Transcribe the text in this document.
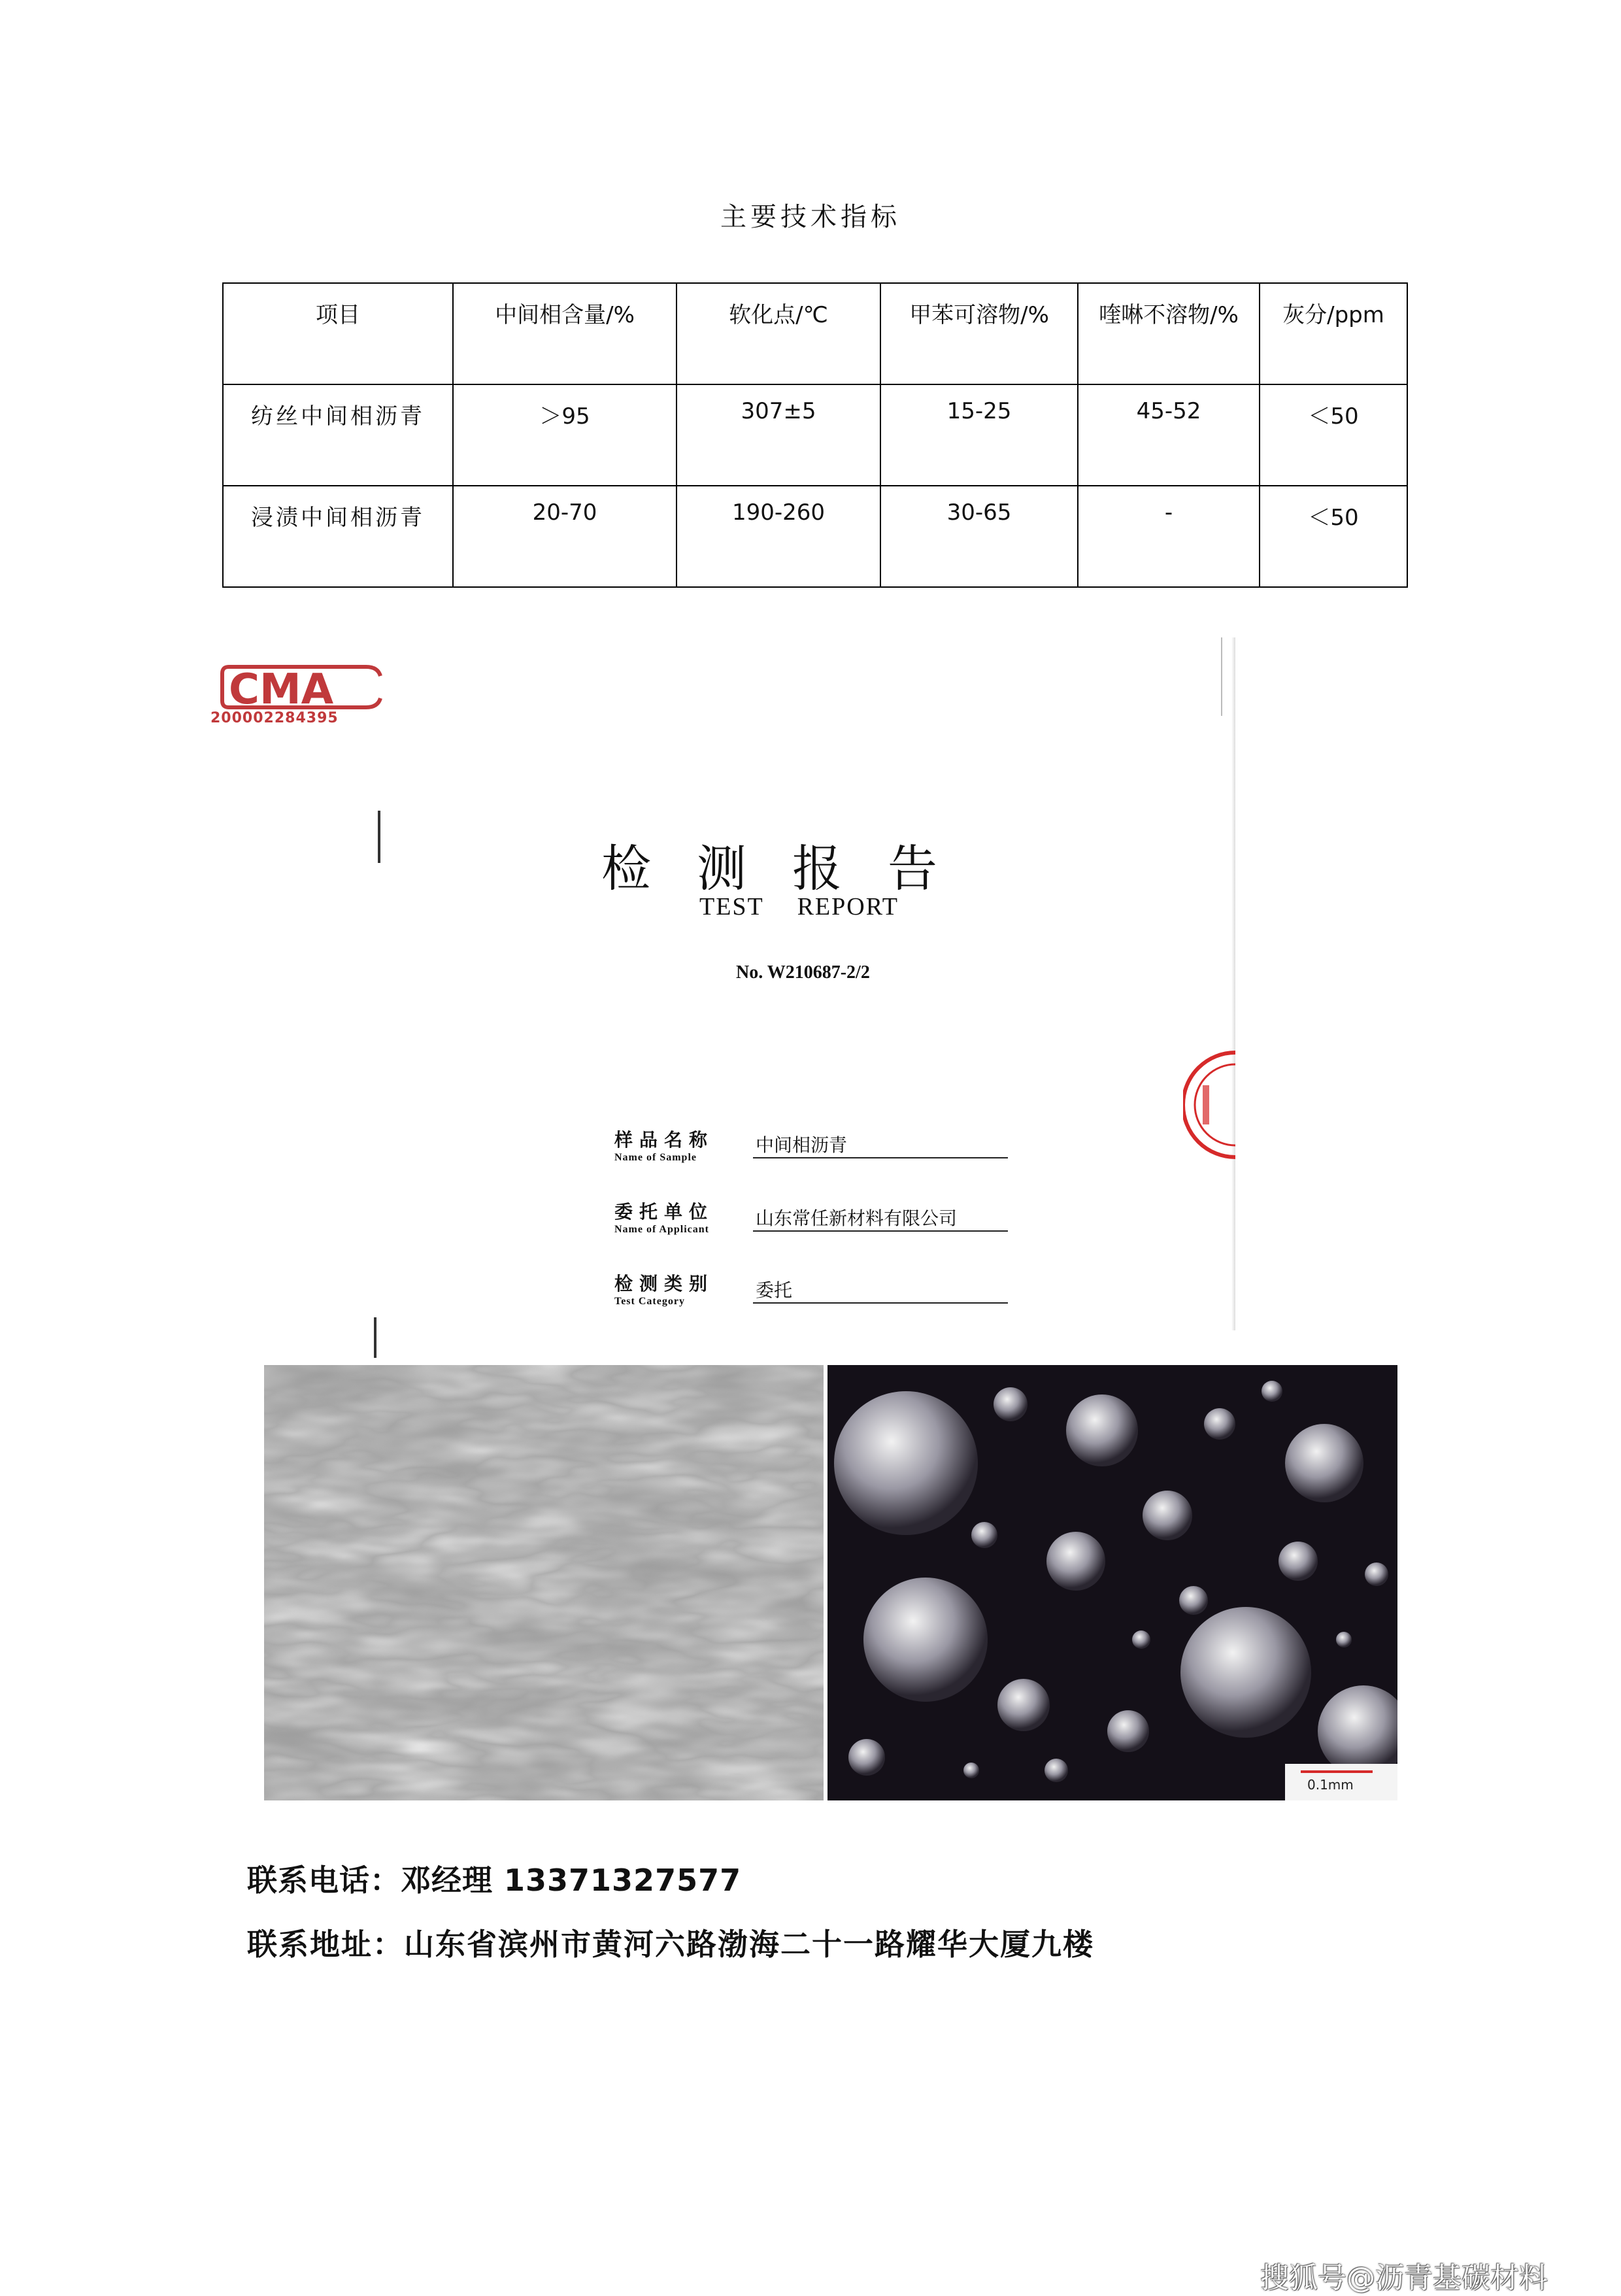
主要技术指标
项目	中间相含量/%	软化点/℃	甲苯可溶物/%	喹啉不溶物/%	灰分/ppm
纺丝中间相沥青	＞95	307±5	15-25	45-52	＜50
浸渍中间相沥青	20-70	190-260	30-65	-	＜50
CMA
200002284395
检测报告
TEST REPORT
No. W210687-2/2
样品名称
Name of Sample
中间相沥青
委托单位
Name of Applicant
山东常任新材料有限公司
检测类别
Test Category
委托
0.1mm
联系电话：邓经理 13371327577
联系地址：山东省滨州市黄河六路渤海二十一路耀华大厦九楼
搜狐号@沥青基碳材料
